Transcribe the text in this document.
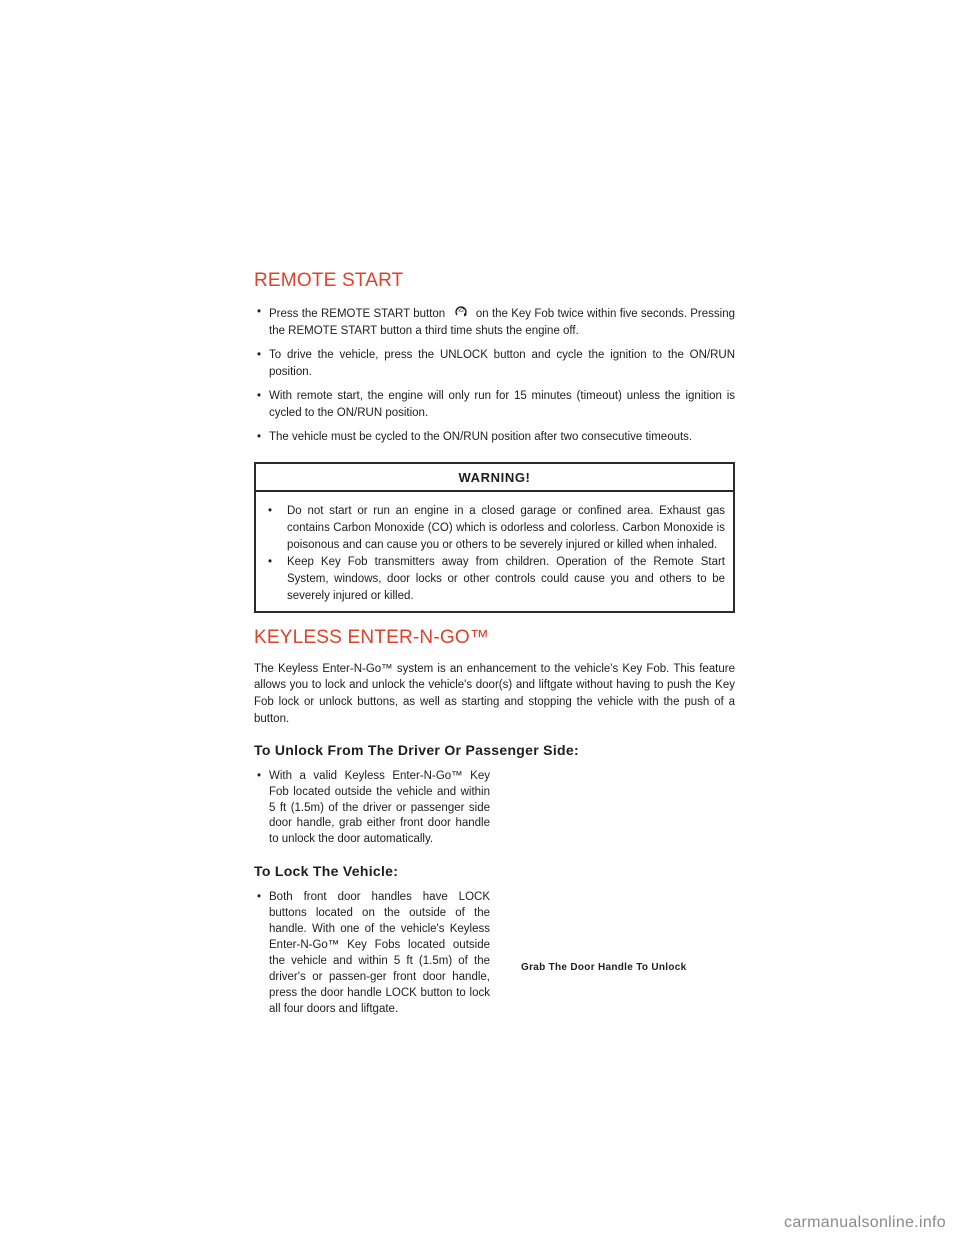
REMOTE START
• Press the REMOTE START button x2 on the Key Fob twice within five seconds. Pressing the REMOTE START button a third time shuts the engine off.
• To drive the vehicle, press the UNLOCK button and cycle the ignition to the ON/RUN position.
• With remote start, the engine will only run for 15 minutes (timeout) unless the ignition is cycled to the ON/RUN position.
• The vehicle must be cycled to the ON/RUN position after two consecutive timeouts.
WARNING!
• Do not start or run an engine in a closed garage or confined area. Exhaust gas contains Carbon Monoxide (CO) which is odorless and colorless. Carbon Monoxide is poisonous and can cause you or others to be severely injured or killed when inhaled.
• Keep Key Fob transmitters away from children. Operation of the Remote Start System, windows, door locks or other controls could cause you and others to be severely injured or killed.
KEYLESS ENTER-N-GO™

The Keyless Enter-N-Go™ system is an enhancement to the vehicle's Key Fob. This feature allows you to lock and unlock the vehicle's door(s) and liftgate without having to push the Key Fob lock or unlock buttons, as well as starting and stopping the vehicle with the push of a button.

To Unlock From The Driver Or Passenger Side:
• With a valid Keyless Enter-N-Go™ Key Fob located outside the vehicle and within 5 ft (1.5m) of the driver or passenger side door handle, grab either front door handle to unlock the door automatically.
To Lock The Vehicle:
• Both front door handles have LOCK buttons located on the outside of the handle. With one of the vehicle's Keyless Enter-N-Go™ Key Fobs located outside the vehicle and within 5 ft (1.5m) of the driver's or passen-ger front door handle, press the door handle LOCK button to lock all four doors and liftgate.
Grab The Door Handle To Unlock
carmanualsonline.info
